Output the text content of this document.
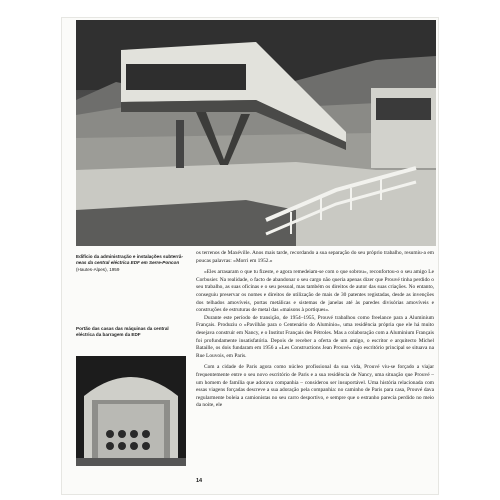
Edifício da administração e instalações subterrâ-
neas da central eléctrica EDF em Serre-Poncon
(Hautes-Alpes), 1959
Portão das casas das máquinas da central
eléctrica da barragem da EDF

os terrenos de Maxéville. Anos mais tarde, recordando a sua separação do seu próprio trabalho, resumiu-a em poucas palavras: «Morri em 1952.»

«Eles arrasaram o que tu fizeste, e agora remedeiam-se com o que sobrou», reconfortou-o o seu amigo Le Corbusier. Na realidade, o facto de abandonar o seu cargo não queria apenas dizer que Prouvé tinha perdido o seu trabalho, as suas oficinas e o seu pessoal, mas também os direitos de autor das suas criações. No entanto, conseguiu preservar os nomes e direitos de utilização de mais de 30 patentes registadas, desde as invenções dos telhados amovíveis, portas metálicas e sistemas de janelas até às paredes divisórias amovíveis e construções de estruturas de metal das «maisons à portiques».

Durante este período de transição, de 1954–1955, Prouvé trabalhou como freelance para a Aluminium Français. Produziu o «Pavilhão para o Centenário do Alumínio», uma residência própria que ele há muito desejava construir em Nancy, e o Institut Français des Pétroles. Mas a colaboração com a Aluminium Français foi profundamente insatisfatória. Depois de receber a oferta de um amigo, o escritor e arquitecto Michel Bataille, os dois fundaram em 1956 a «Les Constructions Jean Prouvé» cujo escritório principal se situava na Rue Louvois, em Paris.

Com a cidade de Paris agora como núcleo profissional da sua vida, Prouvé viu-se forçado a viajar frequentemente entre o seu novo escritório de Paris e a sua residência de Nancy, uma situação que Prouvé – um homem de família que adorava companhia – considerou ser insuportável. Uma história relacionada com essas viagens forçadas descreve a sua adoração pela companhia: no caminho de Paris para casa, Prouvé dava regularmente boleia a camionistas no seu carro desportivo, e sempre que o estranho parecia perdido no meio da noite, ele

14
